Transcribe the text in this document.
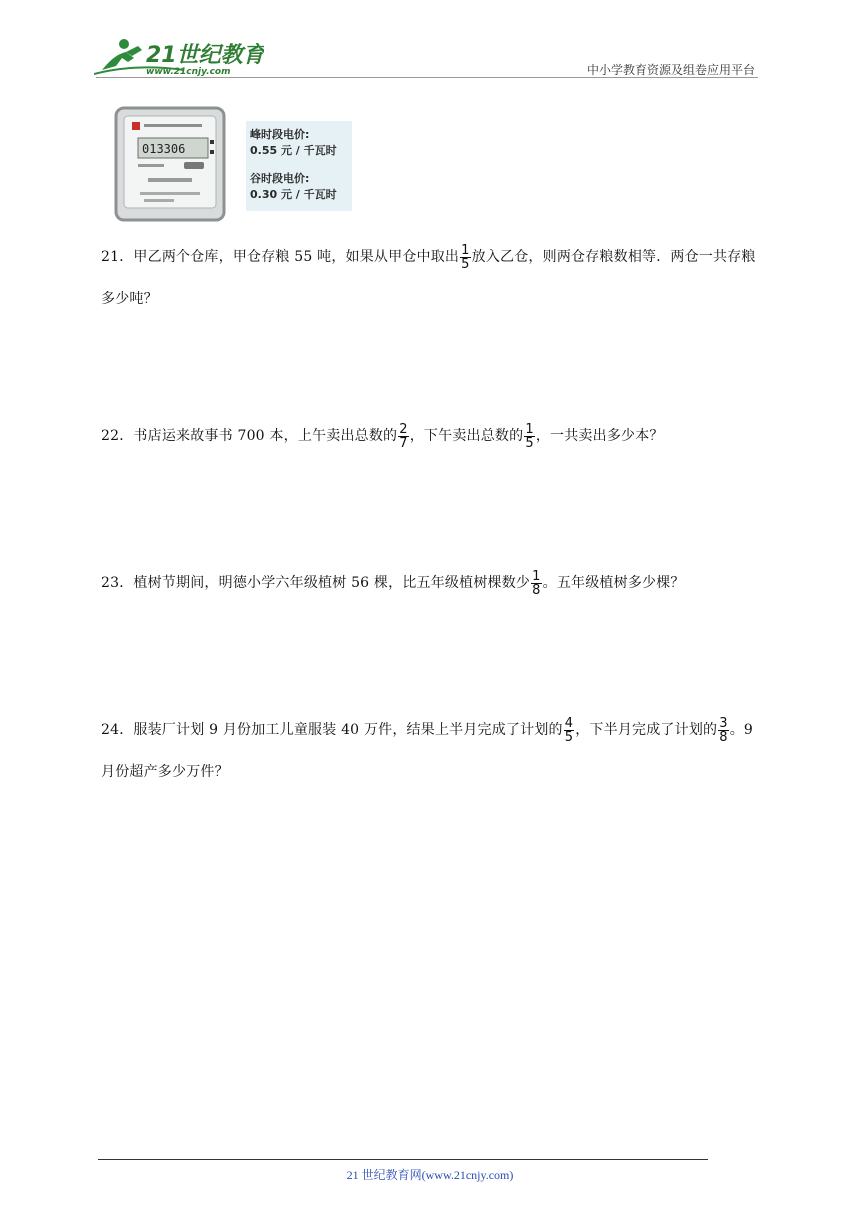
21世纪教育
www.21cnjy.com	中小学教育资源及组卷应用平台
013306
峰时段电价:
0.55 元 / 千瓦时
谷时段电价:
0.30 元 / 千瓦时
21．甲乙两个仓库，甲仓存粮 55 吨，如果从甲仓中取出 $\frac{1}{5}$ 放入乙仓，则两仓存粮数相等．两仓一共存粮多少吨？
22．书店运来故事书 700 本，上午卖出总数的 $\frac{2}{7}$ ，下午卖出总数的 $\frac{1}{5}$ ，一共卖出多少本？
23．植树节期间，明德小学六年级植树 56 棵，比五年级植树棵数少 $\frac{1}{8}$ 。五年级植树多少棵？
24．服装厂计划 9 月份加工儿童服装 40 万件，结果上半月完成了计划的 $\frac{4}{5}$ ，下半月完成了计划的 $\frac{3}{8}$ 。9 月份超产多少万件？
21 世纪教育网(www.21cnjy.com)
